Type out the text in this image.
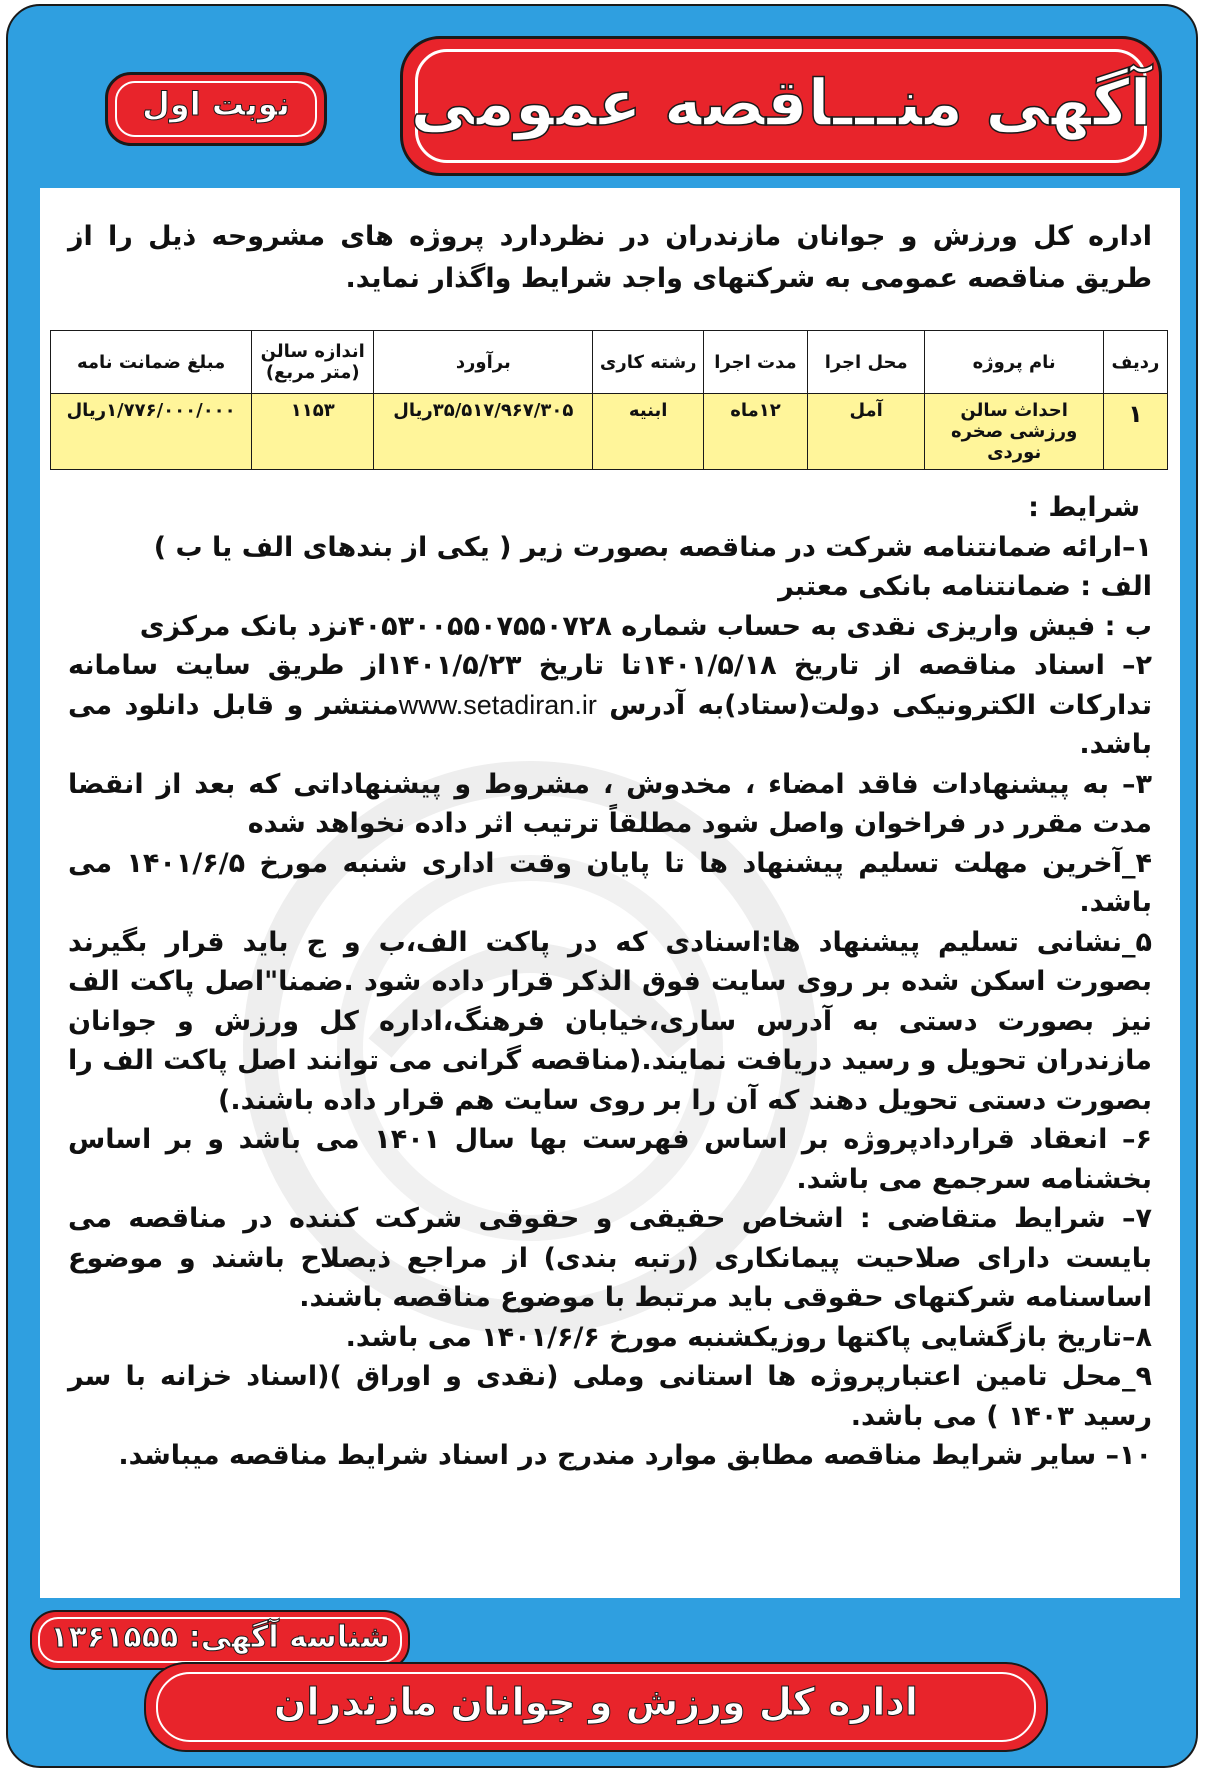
آگهی منـــاقصه عمومی
نوبت اول
اداره کل ورزش و جوانان مازندران در نظردارد پروژه های مشروحه ذیل را از طریق مناقصه عمومی به شرکتهای واجد شرایط واگذار نماید.
ردیف	نام پروژه	محل اجرا	مدت اجرا	رشته کاری	برآورد	اندازه سالن (متر مربع)	مبلغ ضمانت نامه
۱	احداث سالن ورزشی صخره نوردی	آمل	۱۲ماه	ابنیه	۳۵/۵۱۷/۹۶۷/۳۰۵ریال	۱۱۵۳	۱/۷۷۶/۰۰۰/۰۰۰ریال

شرایط :

۱–ارائه ضمانتنامه شرکت در مناقصه بصورت زیر ( یکی از بندهای الف یا ب )

الف : ضمانتنامه بانکی معتبر

ب : فیش واریزی نقدی به حساب شماره ۴۰۵۳۰۰۵۵۰۷۵۵۰۷۲۸نزد بانک مرکزی

۲– اسناد مناقصه از تاریخ ۱۴۰۱/۵/۱۸تا تاریخ ۱۴۰۱/۵/۲۳از طریق سایت سامانه تدارکات الکترونیکی دولت(ستاد)به آدرس www.setadiran.irمنتشر و قابل دانلود می باشد.

۳– به پیشنهادات فاقد امضاء ، مخدوش ، مشروط و پیشنهاداتی که بعد از انقضا مدت مقرر در فراخوان واصل شود مطلقاً ترتیب اثر داده نخواهد شده

۴_آخرین مهلت تسلیم پیشنهاد ها تا پایان وقت اداری شنبه مورخ ۱۴۰۱/۶/۵ می باشد.

۵_نشانی تسلیم پیشنهاد ها:اسنادی که در پاکت الف،ب و ج باید قرار بگیرند بصورت اسکن شده بر روی سایت فوق الذکر قرار داده شود .ضمنا"اصل پاکت الف نیز بصورت دستی به آدرس ساری،خیابان فرهنگ،اداره کل ورزش و جوانان مازندران تحویل و رسید دریافت نمایند.(مناقصه گرانی می توانند اصل پاکت الف را بصورت دستی تحویل دهند که آن را بر روی سایت هم قرار داده باشند.)

۶– انعقاد قراردادپروژه بر اساس فهرست بها سال ۱۴۰۱ می باشد و بر اساس بخشنامه سرجمع می باشد.

۷– شرایط متقاضی : اشخاص حقیقی و حقوقی شرکت کننده در مناقصه می بایست دارای صلاحیت پیمانکاری (رتبه بندی) از مراجع ذیصلاح باشند و موضوع اساسنامه شرکتهای حقوقی باید مرتبط با موضوع مناقصه باشند.

۸–تاریخ بازگشایی پاکتها روزیکشنبه مورخ ۱۴۰۱/۶/۶ می باشد.

۹_محل تامین اعتبارپروژه ها استانی وملی (نقدی و اوراق )(اسناد خزانه با سر رسید ۱۴۰۳ ) می باشد.

۱۰– سایر شرایط مناقصه مطابق موارد مندرج در اسناد شرایط مناقصه میباشد.

شناسه آگهی: ۱۳۶۱۵۵۵
اداره کل ورزش و جوانان مازندران
